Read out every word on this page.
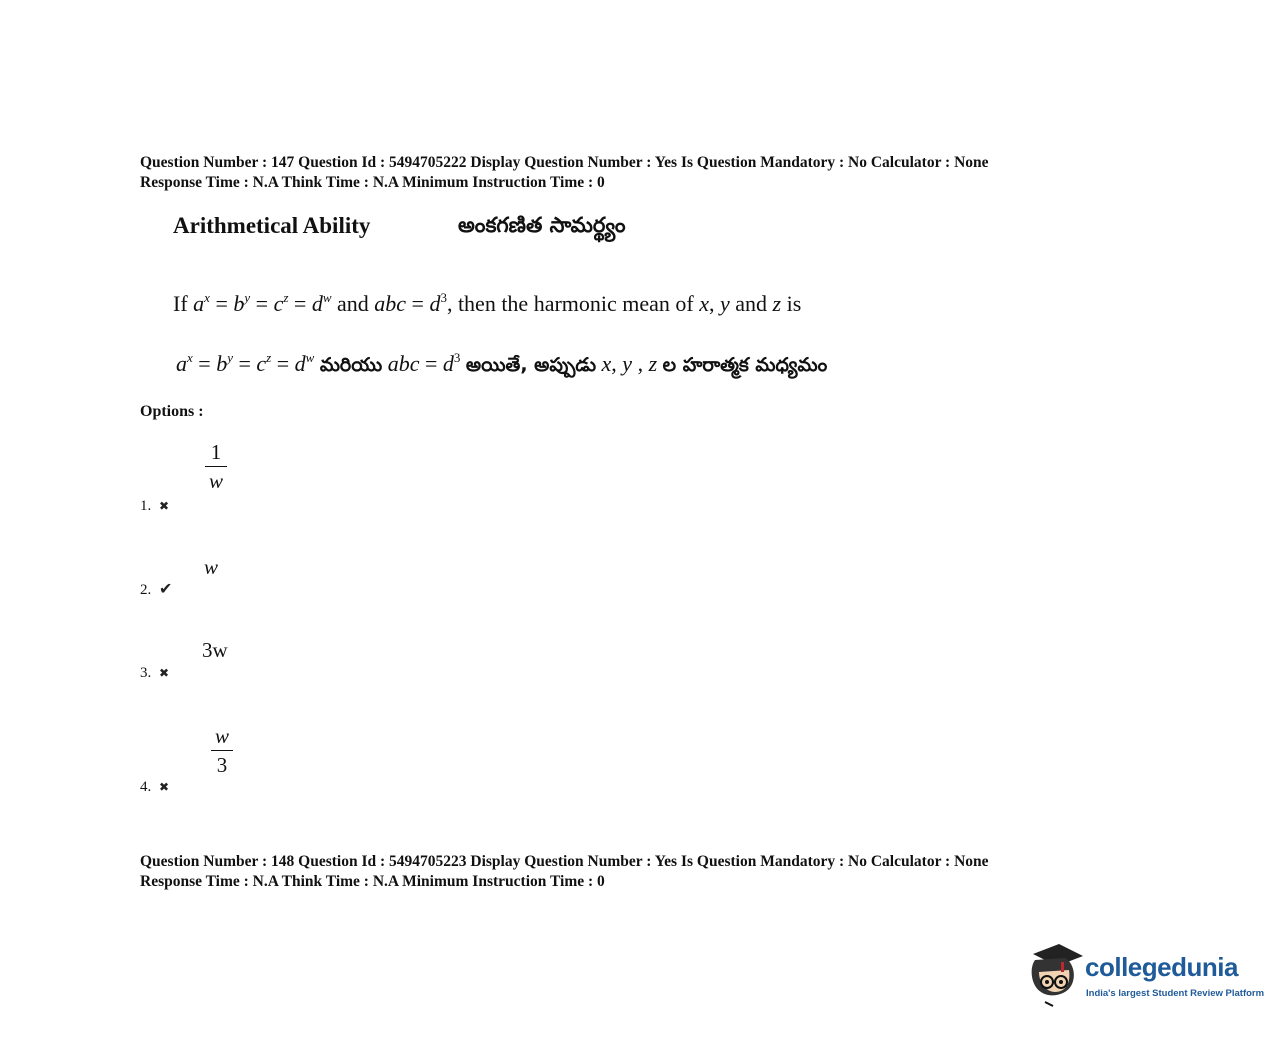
Question Number : 147 Question Id : 5494705222 Display Question Number : Yes Is Question Mandatory : No Calculator : None
Response Time : N.A Think Time : N.A Minimum Instruction Time : 0
Arithmetical Ability	అంకగణిత సామర్థ్యం
If $a^x = b^y = c^z = d^w$ and abc = $d^3$, then the harmonic mean of x, y and z is
$a^x = b^y = c^z = d^w$ మరియు abc = $d^3$ అయితే, అప్పుడు x, y , z ల హరాత్మక మధ్యమం
Options :
1
w
1. ✖
w
2. ✔
3w
3. ✖
w
3
4. ✖
Question Number : 148 Question Id : 5494705223 Display Question Number : Yes Is Question Mandatory : No Calculator : None
Response Time : N.A Think Time : N.A Minimum Instruction Time : 0
collegedunia
India's largest Student Review Platform
